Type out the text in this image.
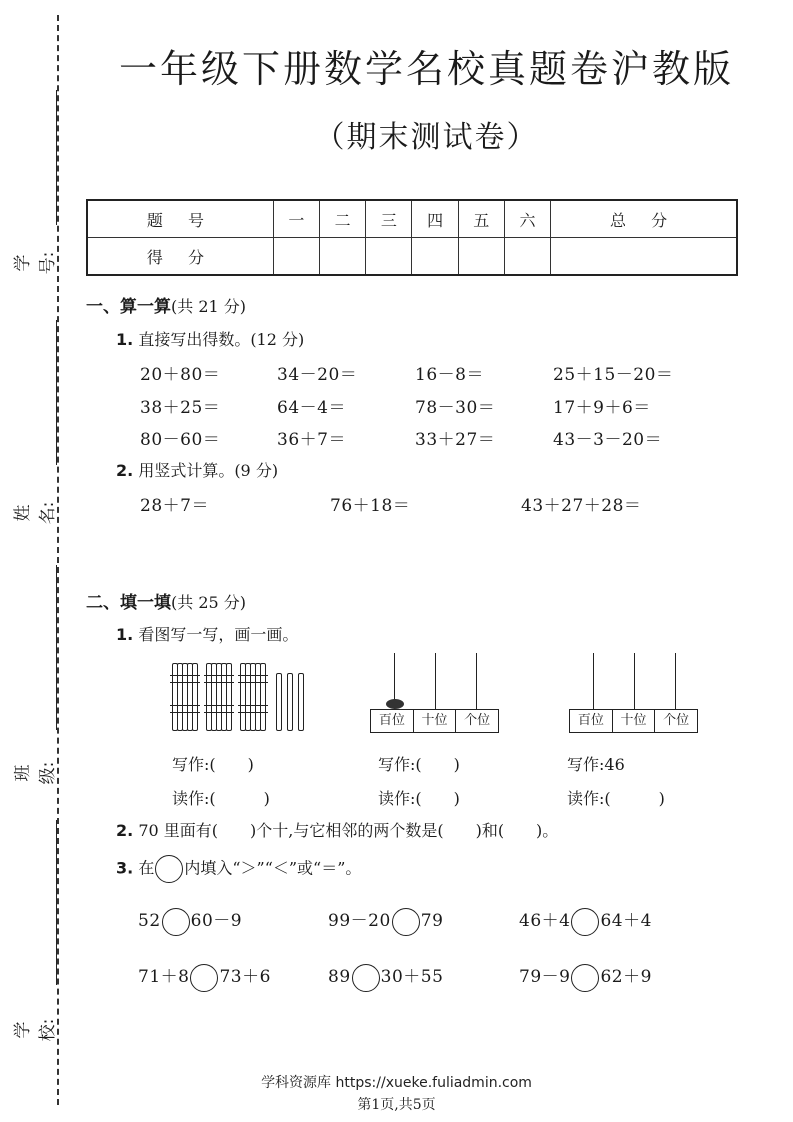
学号:
姓名:
班级:
学校:
一年级下册数学名校真题卷沪教版
（期末测试卷）
题 号	一	二	三	四	五	六	总 分
得 分							
一、算一算(共 21 分)
1. 直接写出得数。(12 分)
20＋80＝	34－20＝	16－8＝	25＋15－20＝
38＋25＝	64－4＝	78－30＝	17＋9＋6＝
80－60＝	36＋7＝	33＋27＝	43－3－20＝
2. 用竖式计算。(9 分)
28＋7＝	76＋18＝	43＋27＋28＝
二、填一填(共 25 分)
1. 看图写一写，画一画。
百位	十位	个位	百位	十位	个位
写作:(　　)	写作:(　　)	写作:46
读作:(　　　)	读作:(　　)	读作:(　　　)
2. 70 里面有(　　)个十,与它相邻的两个数是(　　)和(　　)。
3. 在 内填入“＞”“＜”或“＝”。
52 60－9	99－20 79	46＋4 64＋4
71＋8 73＋6	89 30＋55	79－9 62＋9
学科资源库 https://xueke.fuliadmin.com
第1页,共5页
